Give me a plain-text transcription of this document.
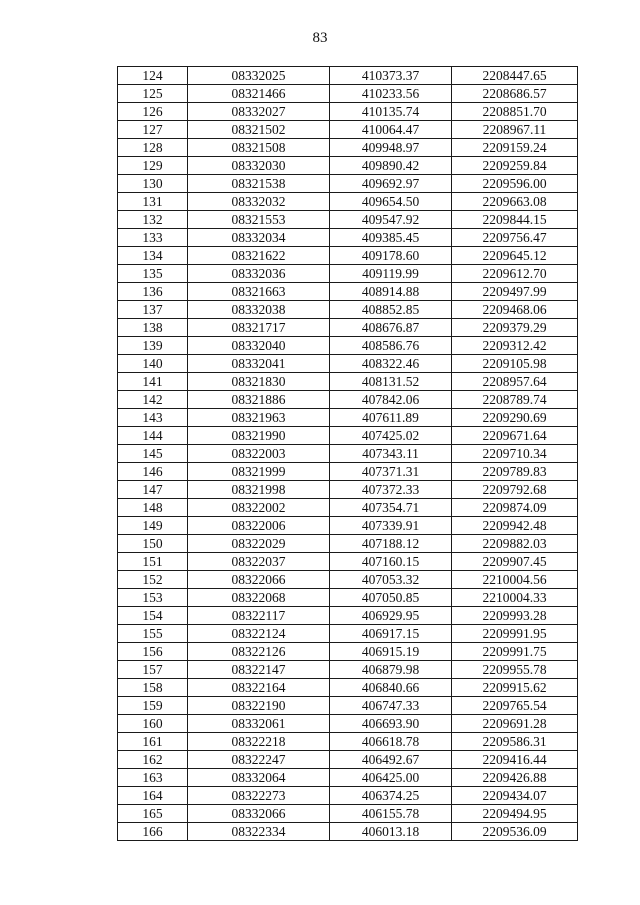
83
124	08332025	410373.37	2208447.65
125	08321466	410233.56	2208686.57
126	08332027	410135.74	2208851.70
127	08321502	410064.47	2208967.11
128	08321508	409948.97	2209159.24
129	08332030	409890.42	2209259.84
130	08321538	409692.97	2209596.00
131	08332032	409654.50	2209663.08
132	08321553	409547.92	2209844.15
133	08332034	409385.45	2209756.47
134	08321622	409178.60	2209645.12
135	08332036	409119.99	2209612.70
136	08321663	408914.88	2209497.99
137	08332038	408852.85	2209468.06
138	08321717	408676.87	2209379.29
139	08332040	408586.76	2209312.42
140	08332041	408322.46	2209105.98
141	08321830	408131.52	2208957.64
142	08321886	407842.06	2208789.74
143	08321963	407611.89	2209290.69
144	08321990	407425.02	2209671.64
145	08322003	407343.11	2209710.34
146	08321999	407371.31	2209789.83
147	08321998	407372.33	2209792.68
148	08322002	407354.71	2209874.09
149	08322006	407339.91	2209942.48
150	08322029	407188.12	2209882.03
151	08322037	407160.15	2209907.45
152	08322066	407053.32	2210004.56
153	08322068	407050.85	2210004.33
154	08322117	406929.95	2209993.28
155	08322124	406917.15	2209991.95
156	08322126	406915.19	2209991.75
157	08322147	406879.98	2209955.78
158	08322164	406840.66	2209915.62
159	08322190	406747.33	2209765.54
160	08332061	406693.90	2209691.28
161	08322218	406618.78	2209586.31
162	08322247	406492.67	2209416.44
163	08332064	406425.00	2209426.88
164	08322273	406374.25	2209434.07
165	08332066	406155.78	2209494.95
166	08322334	406013.18	2209536.09
